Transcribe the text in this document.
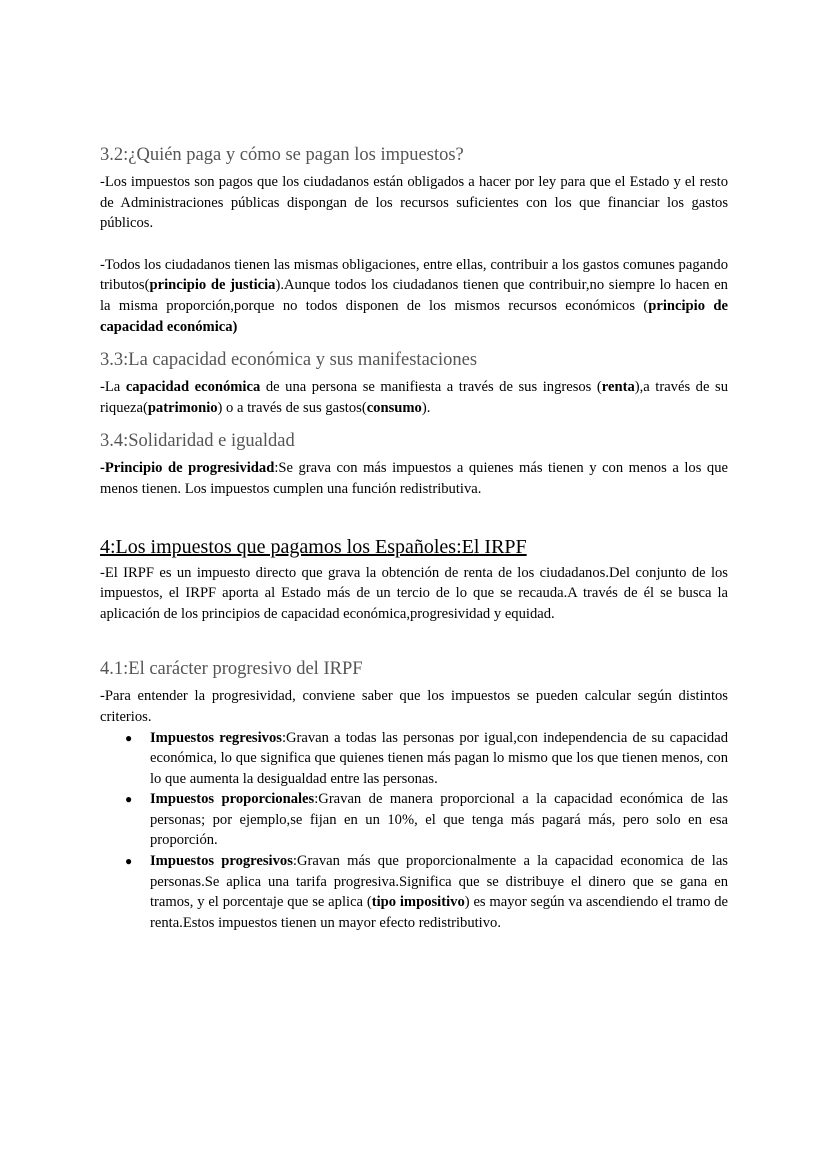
3.2:¿Quién paga y cómo se pagan los impuestos?

-Los impuestos son pagos que los ciudadanos están obligados a hacer por ley para que el Estado y el resto de Administraciones públicas dispongan de los recursos suficientes con los que financiar los gastos públicos.

-Todos los ciudadanos tienen las mismas obligaciones, entre ellas, contribuir a los gastos comunes pagando tributos(principio de justicia).Aunque todos los ciudadanos tienen que contribuir,no siempre lo hacen en la misma proporción,porque no todos disponen de los mismos recursos económicos (principio de capacidad económica)

3.3:La capacidad económica y sus manifestaciones

-La capacidad económica de una persona se manifiesta a través de sus ingresos (renta),a través de su riqueza(patrimonio) o a través de sus gastos(consumo).

3.4:Solidaridad e igualdad

-Principio de progresividad:Se grava con más impuestos a quienes más tienen y con menos a los que menos tienen. Los impuestos cumplen una función redistributiva.

4:Los impuestos que pagamos los Españoles:El IRPF

-El IRPF es un impuesto directo que grava la obtención de renta de los ciudadanos.Del conjunto de los impuestos, el IRPF aporta al Estado más de un tercio de lo que se recauda.A través de él se busca la aplicación de los principios de capacidad económica,progresividad y equidad.

4.1:El carácter progresivo del IRPF

-Para entender la progresividad, conviene saber que los impuestos se pueden calcular según distintos criterios.

● Impuestos regresivos:Gravan a todas las personas por igual,con independencia de su capacidad económica, lo que significa que quienes tienen más pagan lo mismo que los que tienen menos, con lo que aumenta la desigualdad entre las personas.
● Impuestos proporcionales:Gravan de manera proporcional a la capacidad económica de las personas; por ejemplo,se fijan en un 10%, el que tenga más pagará más, pero solo en esa proporción.
● Impuestos progresivos:Gravan más que proporcionalmente a la capacidad economica de las personas.Se aplica una tarifa progresiva.Significa que se distribuye el dinero que se gana en tramos, y el porcentaje que se aplica (tipo impositivo) es mayor según va ascendiendo el tramo de renta.Estos impuestos tienen un mayor efecto redistributivo.
